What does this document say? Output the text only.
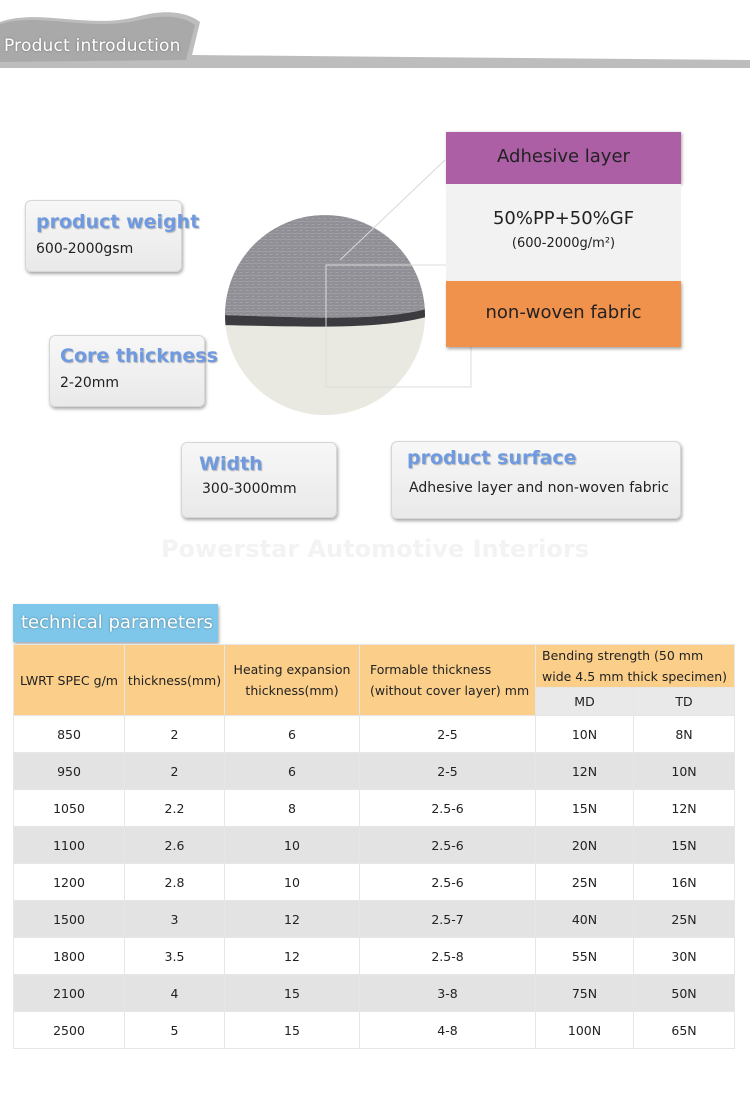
Product introduction
product weight
600-2000gsm
Core thickness
2-20mm
Width
300-3000mm
product surface
Adhesive layer and non-woven fabric
Adhesive layer
50%PP+50%GF
(600-2000g/m²)
non-woven fabric
Powerstar Automotive Interiors
technical parameters
LWRT SPEC g/m	thickness(mm)	Heating expansion thickness(mm)	Formable thickness (without cover layer) mm	Bending strength (50 mm wide 4.5 mm thick specimen)	
				MD	TD
850	2	6	2-5	10N	8N
950	2	6	2-5	12N	10N
1050	2.2	8	2.5-6	15N	12N
1100	2.6	10	2.5-6	20N	15N
1200	2.8	10	2.5-6	25N	16N
1500	3	12	2.5-7	40N	25N
1800	3.5	12	2.5-8	55N	30N
2100	4	15	3-8	75N	50N
2500	5	15	4-8	100N	65N
